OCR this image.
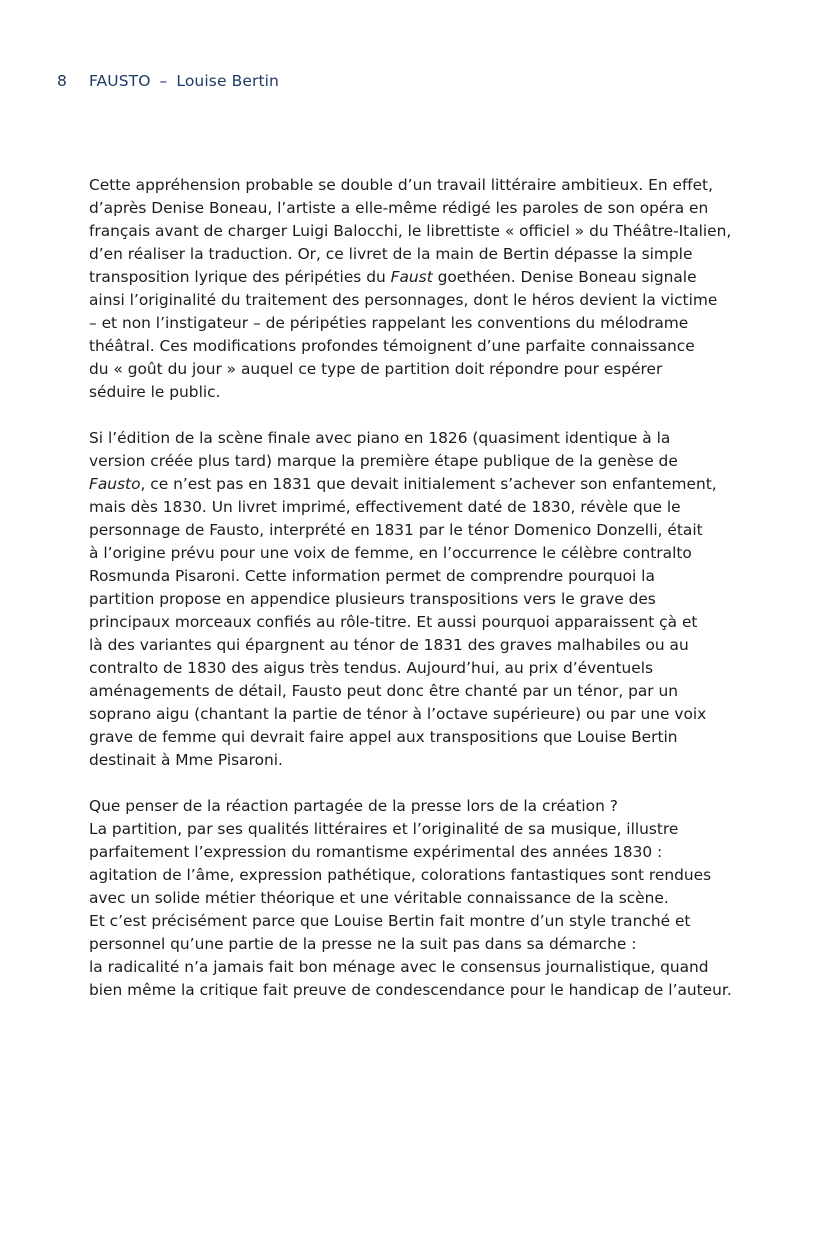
8 FAUSTO – Louise Bertin
Cette appréhension probable se double d’un travail littéraire ambitieux. En effet,
d’après Denise Boneau, l’artiste a elle-même rédigé les paroles de son opéra en
français avant de charger Luigi Balocchi, le librettiste « officiel » du Théâtre-Italien,
d’en réaliser la traduction. Or, ce livret de la main de Bertin dépasse la simple
transposition lyrique des péripéties du Faust goethéen. Denise Boneau signale
ainsi l’originalité du traitement des personnages, dont le héros devient la victime
– et non l’instigateur – de péripéties rappelant les conventions du mélodrame
théâtral. Ces modifications profondes témoignent d’une parfaite connaissance
du « goût du jour » auquel ce type de partition doit répondre pour espérer
séduire le public.
Si l’édition de la scène finale avec piano en 1826 (quasiment identique à la
version créée plus tard) marque la première étape publique de la genèse de
Fausto, ce n’est pas en 1831 que devait initialement s’achever son enfantement,
mais dès 1830. Un livret imprimé, effectivement daté de 1830, révèle que le
personnage de Fausto, interprété en 1831 par le ténor Domenico Donzelli, était
à l’origine prévu pour une voix de femme, en l’occurrence le célèbre contralto
Rosmunda Pisaroni. Cette information permet de comprendre pourquoi la
partition propose en appendice plusieurs transpositions vers le grave des
principaux morceaux confiés au rôle-titre. Et aussi pourquoi apparaissent çà et
là des variantes qui épargnent au ténor de 1831 des graves malhabiles ou au
contralto de 1830 des aigus très tendus. Aujourd’hui, au prix d’éventuels
aménagements de détail, Fausto peut donc être chanté par un ténor, par un
soprano aigu (chantant la partie de ténor à l’octave supérieure) ou par une voix
grave de femme qui devrait faire appel aux transpositions que Louise Bertin
destinait à Mme Pisaroni.
Que penser de la réaction partagée de la presse lors de la création ?
La partition, par ses qualités littéraires et l’originalité de sa musique, illustre
parfaitement l’expression du romantisme expérimental des années 1830 :
agitation de l’âme, expression pathétique, colorations fantastiques sont rendues
avec un solide métier théorique et une véritable connaissance de la scène.
Et c’est précisément parce que Louise Bertin fait montre d’un style tranché et
personnel qu’une partie de la presse ne la suit pas dans sa démarche :
la radicalité n’a jamais fait bon ménage avec le consensus journalistique, quand
bien même la critique fait preuve de condescendance pour le handicap de l’auteur.
